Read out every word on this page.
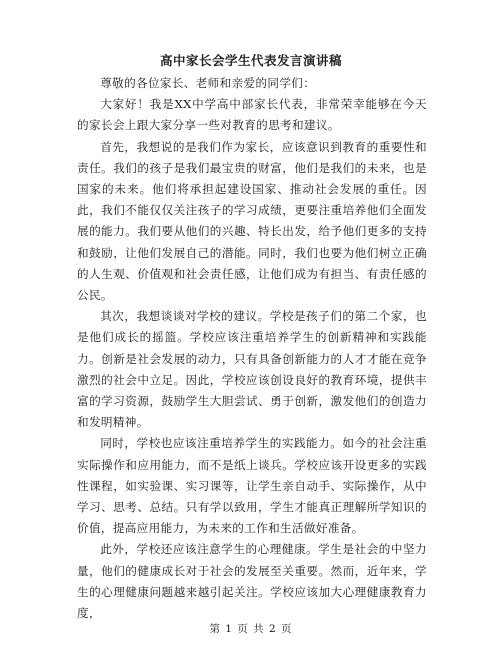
高中家长会学生代表发言演讲稿

尊敬的各位家长、老师和亲爱的同学们：

大家好！我是XX中学高中部家长代表，非常荣幸能够在今天的家长会上跟大家分享一些对教育的思考和建议。

首先，我想说的是我们作为家长，应该意识到教育的重要性和责任。我们的孩子是我们最宝贵的财富，他们是我们的未来，也是国家的未来。他们将承担起建设国家、推动社会发展的重任。因此，我们不能仅仅关注孩子的学习成绩，更要注重培养他们全面发展的能力。我们要从他们的兴趣、特长出发，给予他们更多的支持和鼓励，让他们发展自己的潜能。同时，我们也要为他们树立正确的人生观、价值观和社会责任感，让他们成为有担当、有责任感的公民。

其次，我想谈谈对学校的建议。学校是孩子们的第二个家，也是他们成长的摇篮。学校应该注重培养学生的创新精神和实践能力。创新是社会发展的动力，只有具备创新能力的人才才能在竞争激烈的社会中立足。因此，学校应该创设良好的教育环境，提供丰富的学习资源，鼓励学生大胆尝试、勇于创新，激发他们的创造力和发明精神。

同时，学校也应该注重培养学生的实践能力。如今的社会注重实际操作和应用能力，而不是纸上谈兵。学校应该开设更多的实践性课程，如实验课、实习课等，让学生亲自动手、实际操作，从中学习、思考、总结。只有学以致用，学生才能真正理解所学知识的价值，提高应用能力，为未来的工作和生活做好准备。

此外，学校还应该注意学生的心理健康。学生是社会的中坚力量，他们的健康成长对于社会的发展至关重要。然而，近年来，学生的心理健康问题越来越引起关注。学校应该加大心理健康教育力度，

第 1 页 共 2 页
